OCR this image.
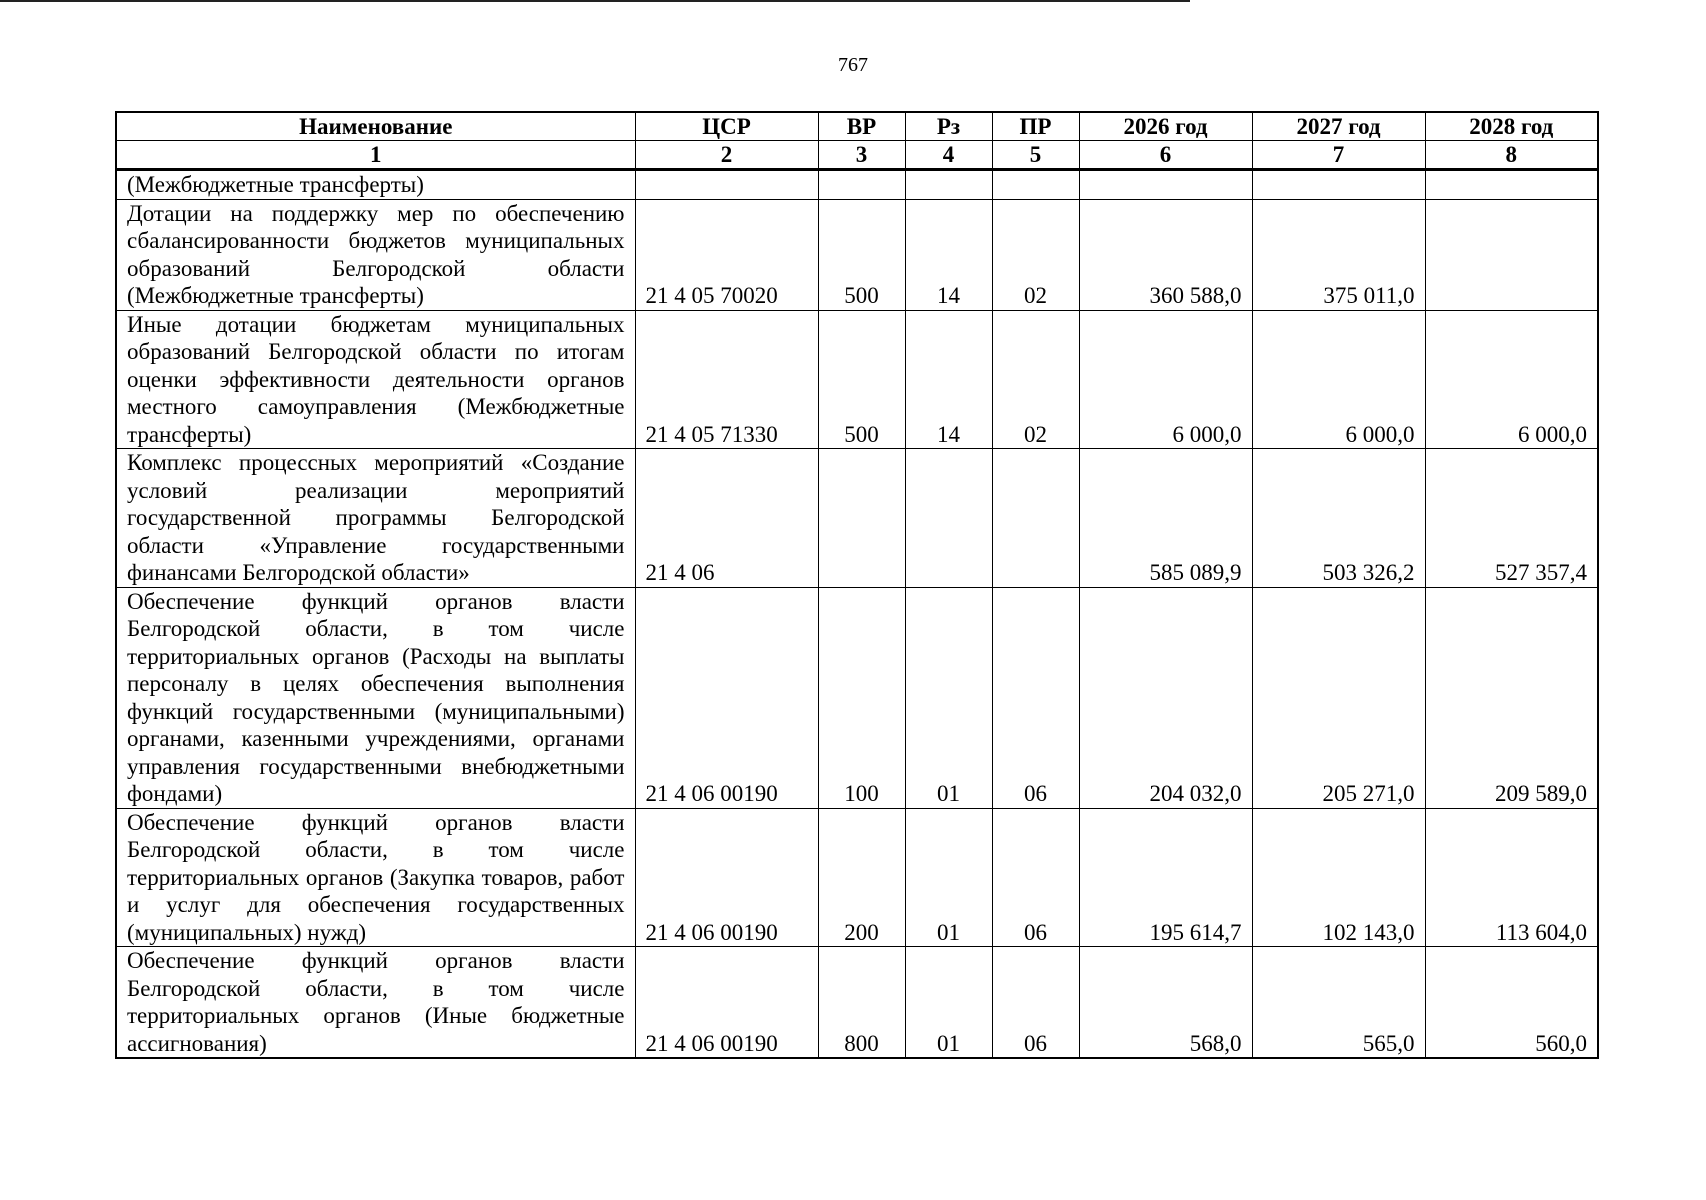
767
Наименование	ЦСР	ВР	Рз	ПР	2026 год	2027 год	2028 год
1	2	3	4	5	6	7	8
(Межбюджетные трансферты)							
Дотации на поддержку мер по обеспечению сбалансированности бюджетов муниципальных образований Белгородской области (Межбюджетные трансферты)	21 4 05 70020	500	14	02	360 588,0	375 011,0	
Иные дотации бюджетам муниципальных образований Белгородской области по итогам оценки эффективности деятельности органов местного самоуправления (Межбюджетные трансферты)	21 4 05 71330	500	14	02	6 000,0	6 000,0	6 000,0
Комплекс процессных мероприятий «Создание условий реализации мероприятий государственной программы Белгородской области «Управление государственными финансами Белгородской области»	21 4 06				585 089,9	503 326,2	527 357,4
Обеспечение функций органов власти Белгородской области, в том числе территориальных органов (Расходы на выплаты персоналу в целях обеспечения выполнения функций государственными (муниципальными) органами, казенными учреждениями, органами управления государственными внебюджетными фондами)	21 4 06 00190	100	01	06	204 032,0	205 271,0	209 589,0
Обеспечение функций органов власти Белгородской области, в том числе территориальных органов (Закупка товаров, работ и услуг для обеспечения государственных (муниципальных) нужд)	21 4 06 00190	200	01	06	195 614,7	102 143,0	113 604,0
Обеспечение функций органов власти Белгородской области, в том числе территориальных органов (Иные бюджетные ассигнования)	21 4 06 00190	800	01	06	568,0	565,0	560,0
